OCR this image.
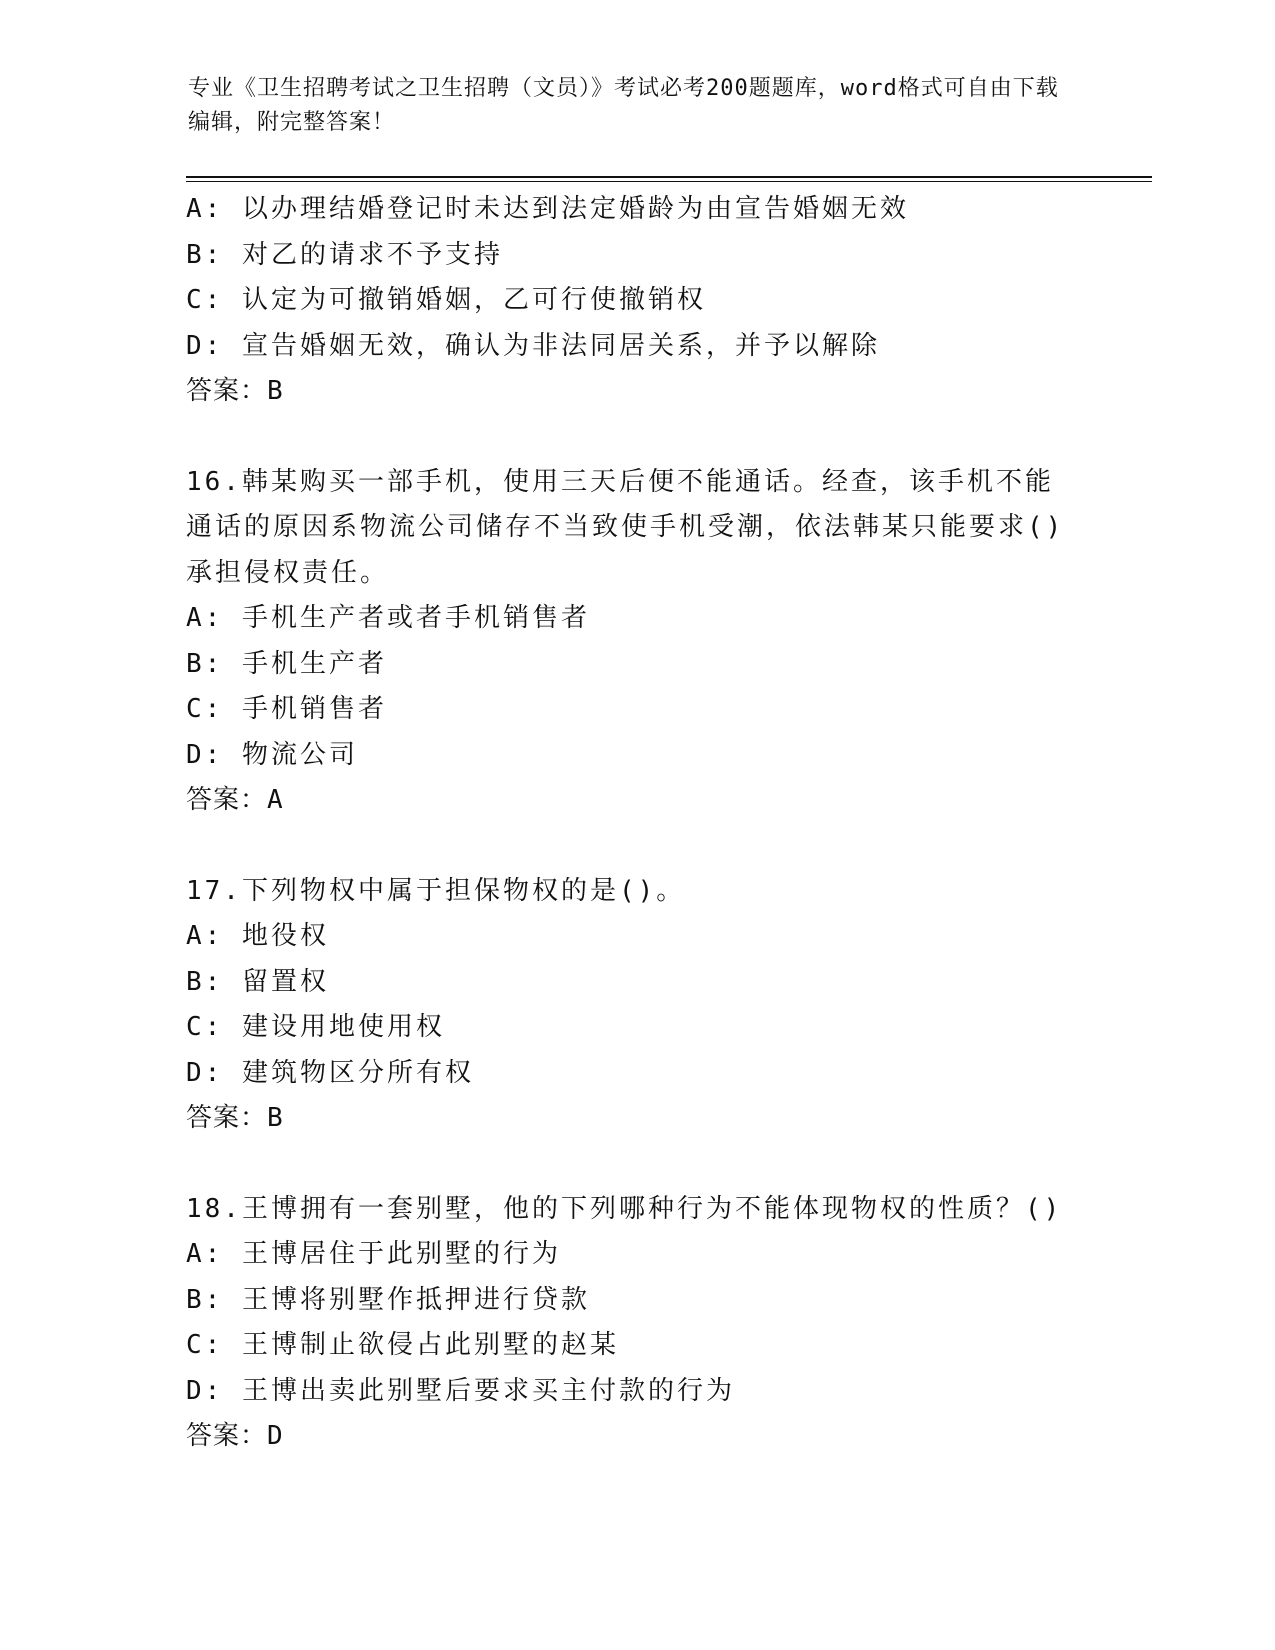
专业《卫生招聘考试之卫生招聘（文员）》考试必考200题题库，word格式可自由下载编辑，附完整答案！

A: 以办理结婚登记时未达到法定婚龄为由宣告婚姻无效

B: 对乙的请求不予支持

C: 认定为可撤销婚姻，乙可行使撤销权

D: 宣告婚姻无效，确认为非法同居关系，并予以解除

答案：B

16.韩某购买一部手机，使用三天后便不能通话。经查，该手机不能通话的原因系物流公司储存不当致使手机受潮，依法韩某只能要求()承担侵权责任。

A: 手机生产者或者手机销售者

B: 手机生产者

C: 手机销售者

D: 物流公司

答案：A

17.下列物权中属于担保物权的是()。

A: 地役权

B: 留置权

C: 建设用地使用权

D: 建筑物区分所有权

答案：B

18.王博拥有一套别墅，他的下列哪种行为不能体现物权的性质？()

A: 王博居住于此别墅的行为

B: 王博将别墅作抵押进行贷款

C: 王博制止欲侵占此别墅的赵某

D: 王博出卖此别墅后要求买主付款的行为

答案：D
